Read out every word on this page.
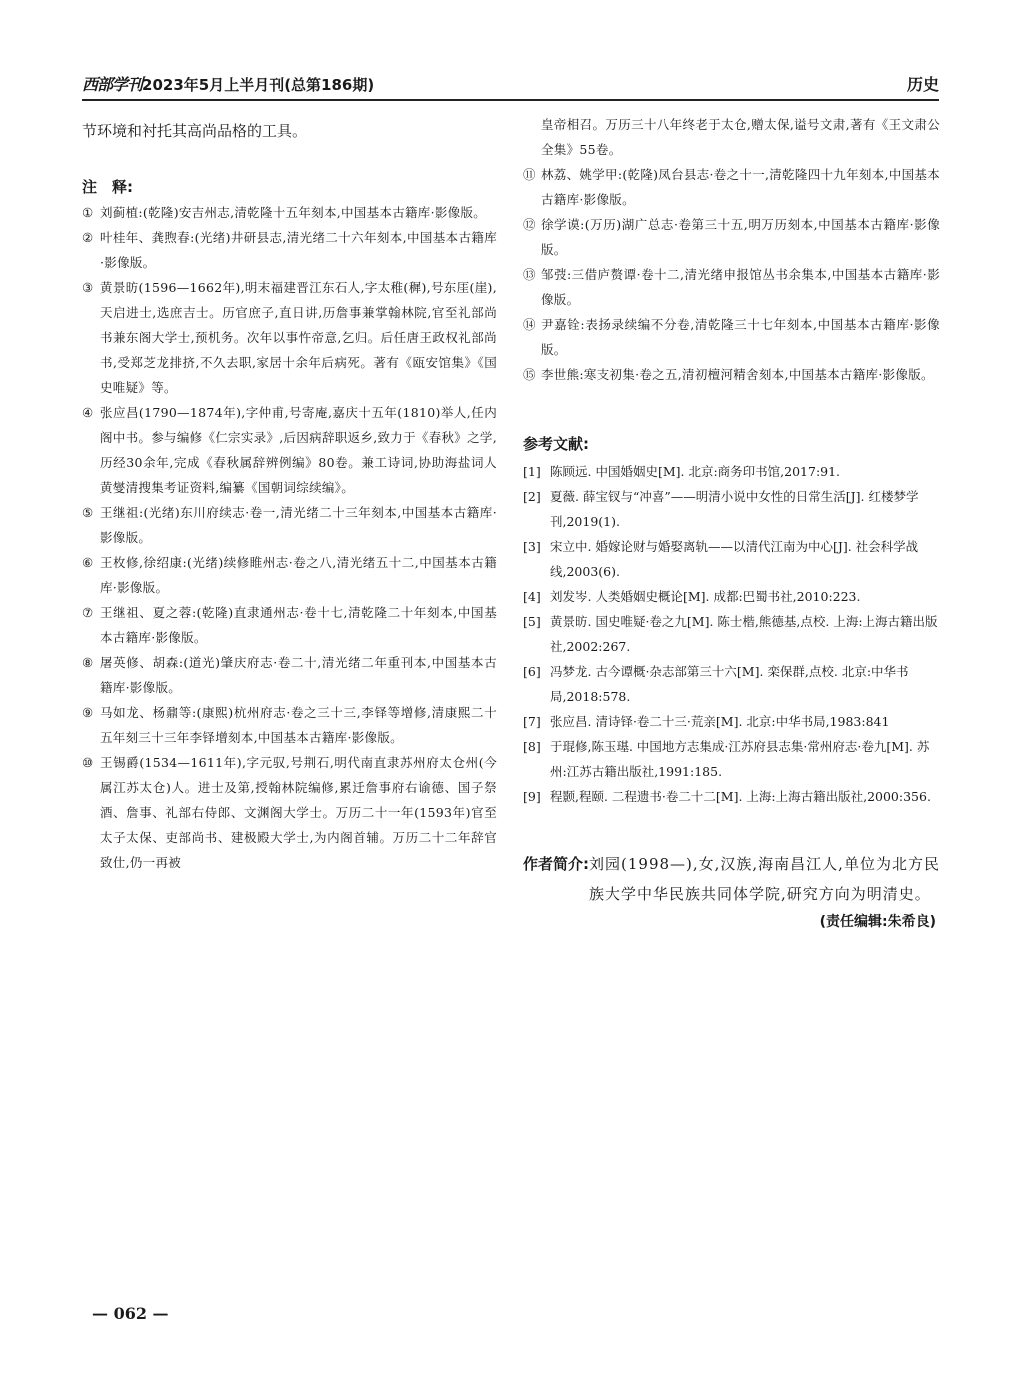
西部学刊2023年5月上半月刊(总第186期)	历史

节环境和衬托其高尚品格的工具。

注　释:
① 刘蓟植:(乾隆)安吉州志,清乾隆十五年刻本,中国基本古籍库·影像版。
② 叶桂年、龚煦春:(光绪)井研县志,清光绪二十六年刻本,中国基本古籍库·影像版。
③ 黄景昉(1596—1662年),明末福建晋江东石人,字太稚(穉),号东厓(崖),天启进士,选庶吉士。历官庶子,直日讲,历詹事兼掌翰林院,官至礼部尚书兼东阁大学士,预机务。次年以事忤帝意,乞归。后任唐王政权礼部尚书,受郑芝龙排挤,不久去职,家居十余年后病死。著有《瓯安馆集》《国史唯疑》等。
④ 张应昌(1790—1874年),字仲甫,号寄庵,嘉庆十五年(1810)举人,任内阁中书。参与编修《仁宗实录》,后因病辞职返乡,致力于《春秋》之学,历经30余年,完成《春秋属辞辨例编》80卷。兼工诗词,协助海盐词人黄燮清搜集考证资料,编纂《国朝词综续编》。
⑤ 王继祖:(光绪)东川府续志·卷一,清光绪二十三年刻本,中国基本古籍库·影像版。
⑥ 王枚修,徐绍康:(光绪)续修睢州志·卷之八,清光绪五十二,中国基本古籍库·影像版。
⑦ 王继祖、夏之蓉:(乾隆)直隶通州志·卷十七,清乾隆二十年刻本,中国基本古籍库·影像版。
⑧ 屠英修、胡森:(道光)肇庆府志·卷二十,清光绪二年重刊本,中国基本古籍库·影像版。
⑨ 马如龙、杨鼐等:(康熙)杭州府志·卷之三十三,李铎等增修,清康熙二十五年刻三十三年李铎增刻本,中国基本古籍库·影像版。
⑩ 王锡爵(1534—1611年),字元驭,号荆石,明代南直隶苏州府太仓州(今属江苏太仓)人。进士及第,授翰林院编修,累迁詹事府右谕德、国子祭酒、詹事、礼部右侍郎、文渊阁大学士。万历二十一年(1593年)官至太子太保、吏部尚书、建极殿大学士,为内阁首辅。万历二十二年辞官致仕,仍一再被
皇帝相召。万历三十八年终老于太仓,赠太保,谥号文肃,著有《王文肃公全集》55卷。
⑪ 林荔、姚学甲:(乾隆)凤台县志·卷之十一,清乾隆四十九年刻本,中国基本古籍库·影像版。
⑫ 徐学谟:(万历)湖广总志·卷第三十五,明万历刻本,中国基本古籍库·影像版。
⑬ 邹弢:三借庐赘谭·卷十二,清光绪申报馆丛书余集本,中国基本古籍库·影像版。
⑭ 尹嘉铨:表扬录续编不分卷,清乾隆三十七年刻本,中国基本古籍库·影像版。
⑮ 李世熊:寒支初集·卷之五,清初檀河精舍刻本,中国基本古籍库·影像版。
参考文献:
[1] 陈顾远. 中国婚姻史[M]. 北京:商务印书馆,2017:91.
[2] 夏薇. 薛宝钗与“冲喜”——明清小说中女性的日常生活[J]. 红楼梦学刊,2019(1).
[3] 宋立中. 婚嫁论财与婚娶离轨——以清代江南为中心[J]. 社会科学战线,2003(6).
[4] 刘发岑. 人类婚姻史概论[M]. 成都:巴蜀书社,2010:223.
[5] 黄景昉. 国史唯疑·卷之九[M]. 陈士楷,熊德基,点校. 上海:上海古籍出版社,2002:267.
[6] 冯梦龙. 古今谭概·杂志部第三十六[M]. 栾保群,点校. 北京:中华书局,2018:578.
[7] 张应昌. 清诗铎·卷二十三·荒亲[M]. 北京:中华书局,1983:841
[8] 于琨修,陈玉璂. 中国地方志集成·江苏府县志集·常州府志·卷九[M]. 苏州:江苏古籍出版社,1991:185.
[9] 程颢,程颐. 二程遗书·卷二十二[M]. 上海:上海古籍出版社,2000:356.
作者简介: 刘园(1998—),女,汉族,海南昌江人,单位为北方民族大学中华民族共同体学院,研究方向为明清史。
(责任编辑:朱希良)
— 062 —
